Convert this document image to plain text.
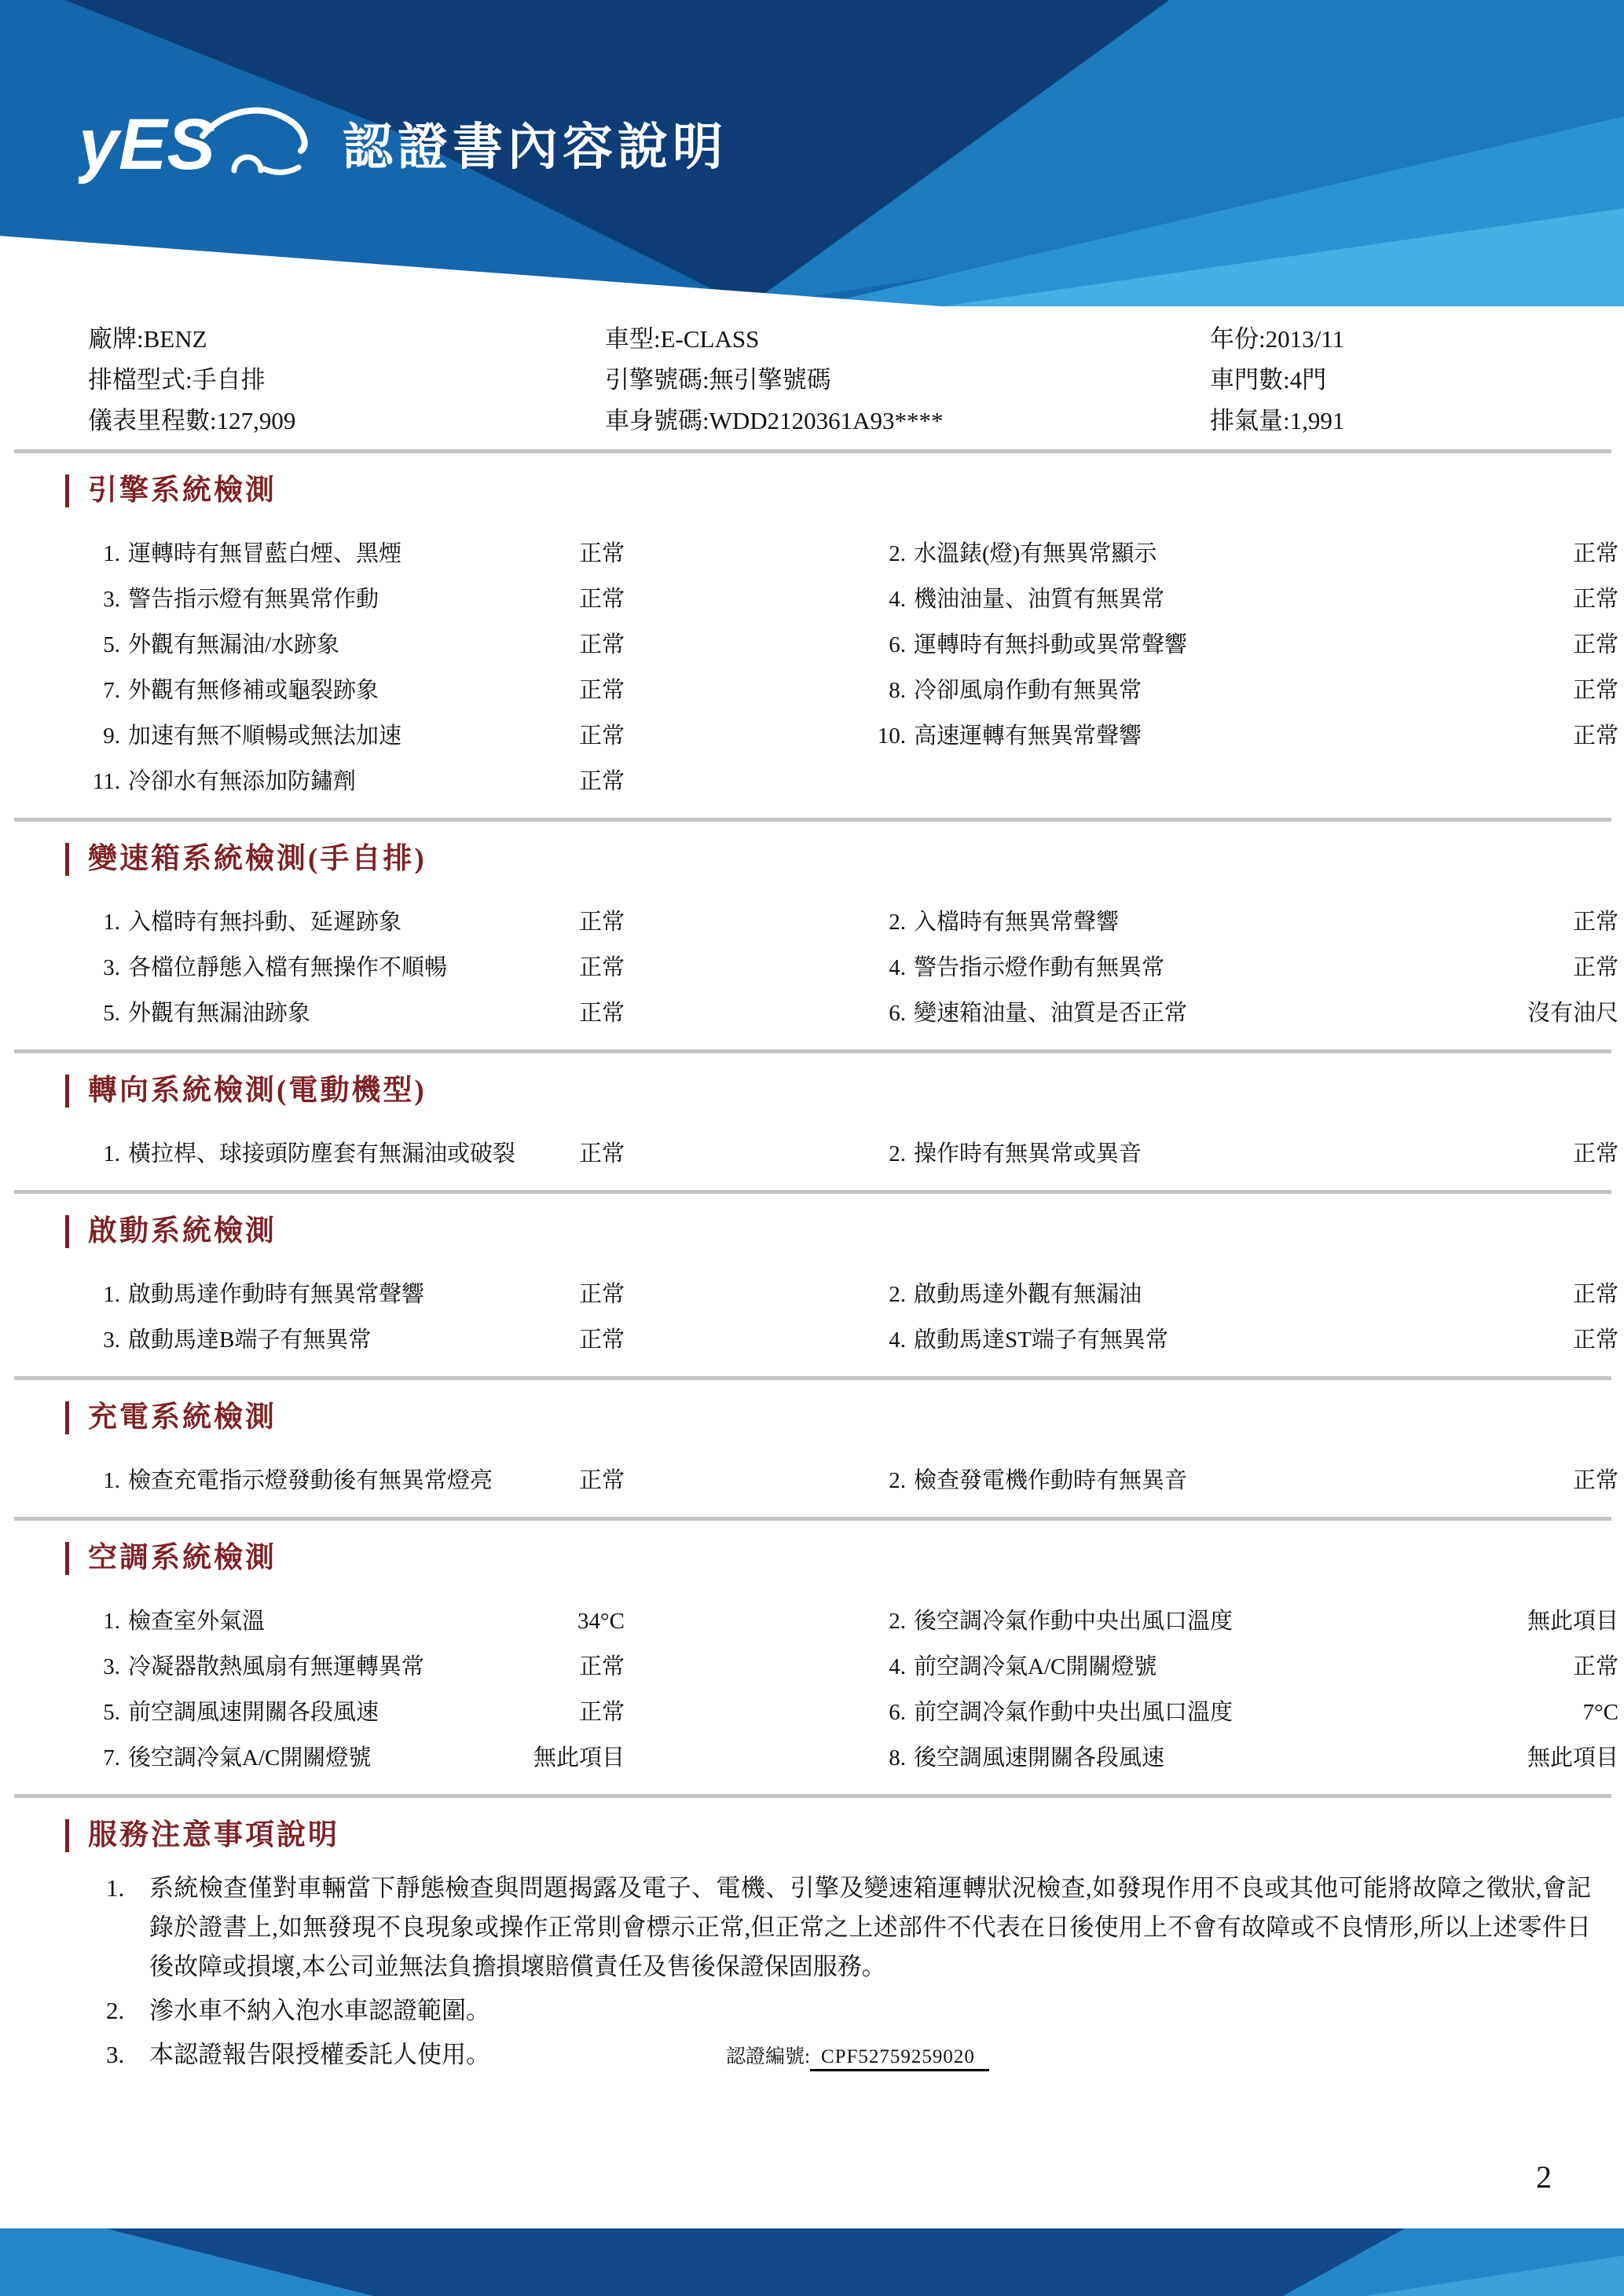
yES	認證書內容說明
廠牌:BENZ	車型:E-CLASS	年份:2013/11
排檔型式:手自排	引擎號碼:無引擎號碼	車門數:4門
儀表里程數:127,909	車身號碼:WDD2120361A93****	排氣量:1,991
引擎系統檢測
1. 運轉時有無冒藍白煙、黑煙	正常	2. 水溫錶(燈)有無異常顯示	正常
3. 警告指示燈有無異常作動	正常	4. 機油油量、油質有無異常	正常
5. 外觀有無漏油/水跡象	正常	6. 運轉時有無抖動或異常聲響	正常
7. 外觀有無修補或龜裂跡象	正常	8. 冷卻風扇作動有無異常	正常
9. 加速有無不順暢或無法加速	正常	10. 高速運轉有無異常聲響	正常
11. 冷卻水有無添加防鏽劑	正常
變速箱系統檢測(手自排)
1. 入檔時有無抖動、延遲跡象	正常	2. 入檔時有無異常聲響	正常
3. 各檔位靜態入檔有無操作不順暢	正常	4. 警告指示燈作動有無異常	正常
5. 外觀有無漏油跡象	正常	6. 變速箱油量、油質是否正常	沒有油尺
轉向系統檢測(電動機型)
1. 橫拉桿、球接頭防塵套有無漏油或破裂	正常	2. 操作時有無異常或異音	正常
啟動系統檢測
1. 啟動馬達作動時有無異常聲響	正常	2. 啟動馬達外觀有無漏油	正常
3. 啟動馬達B端子有無異常	正常	4. 啟動馬達ST端子有無異常	正常
充電系統檢測
1. 檢查充電指示燈發動後有無異常燈亮	正常	2. 檢查發電機作動時有無異音	正常
空調系統檢測
1. 檢查室外氣溫	34°C	2. 後空調冷氣作動中央出風口溫度	無此項目
3. 冷凝器散熱風扇有無運轉異常	正常	4. 前空調冷氣A/C開關燈號	正常
5. 前空調風速開關各段風速	正常	6. 前空調冷氣作動中央出風口溫度	7°C
7. 後空調冷氣A/C開關燈號	無此項目	8. 後空調風速開關各段風速	無此項目
服務注意事項說明
1.	系統檢查僅對車輛當下靜態檢查與問題揭露及電子、電機、引擎及變速箱運轉狀況檢查,如發現作用不良或其他可能將故障之徵狀,會記錄於證書上,如無發現不良現象或操作正常則會標示正常,但正常之上述部件不代表在日後使用上不會有故障或不良情形,所以上述零件日後故障或損壞,本公司並無法負擔損壞賠償責任及售後保證保固服務。
2.	滲水車不納入泡水車認證範圍。
3.	本認證報告限授權委託人使用。	認證編號: CPF52759259020
2
